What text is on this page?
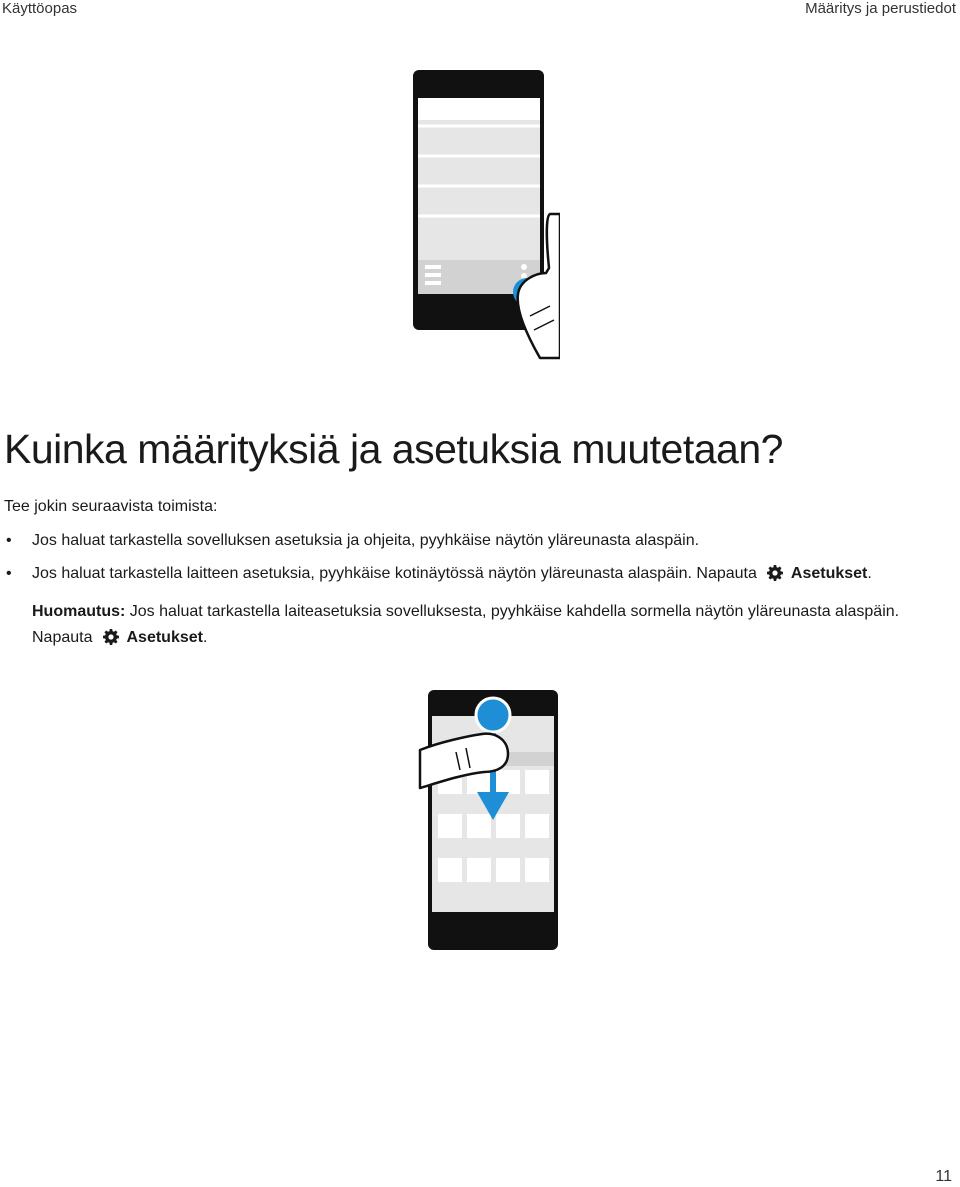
Käyttöopas	Määritys ja perustiedot
Kuinka määrityksiä ja asetuksia muutetaan?
Tee jokin seuraavista toimista:
• Jos haluat tarkastella sovelluksen asetuksia ja ohjeita, pyyhkäise näytön yläreunasta alaspäin.
• Jos haluat tarkastella laitteen asetuksia, pyyhkäise kotinäytössä näytön yläreunasta alaspäin. Napauta Asetukset.
Huomautus: Jos haluat tarkastella laiteasetuksia sovelluksesta, pyyhkäise kahdella sormella näytön yläreunasta alaspäin. Napauta Asetukset.
11
